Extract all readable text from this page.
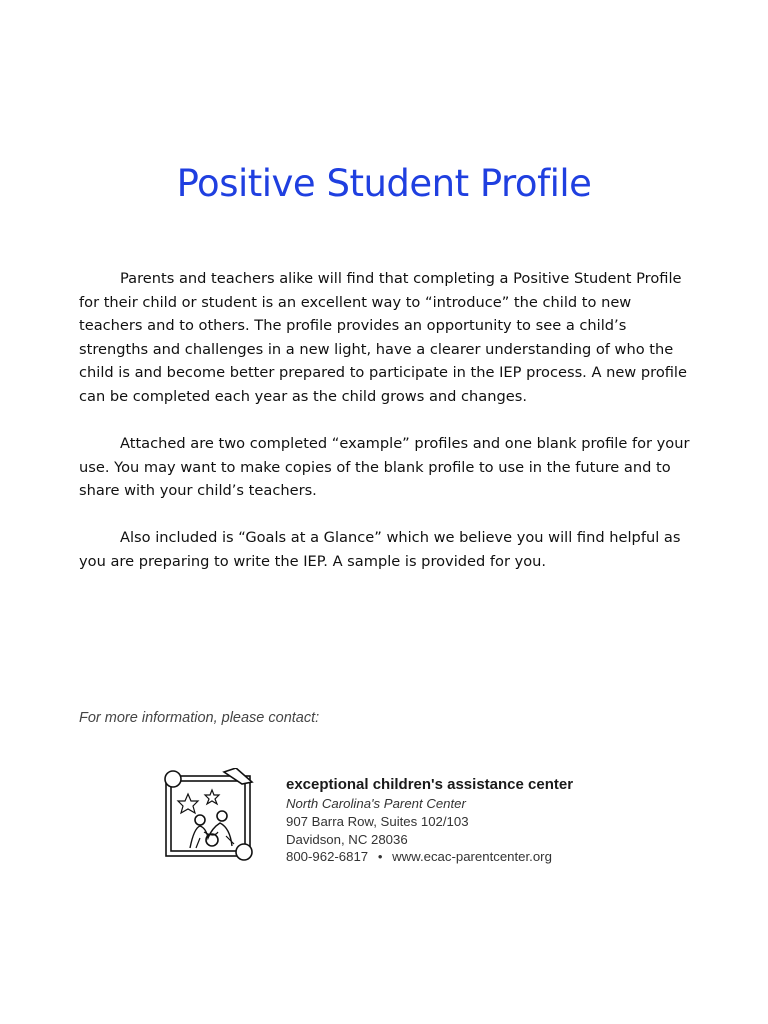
Positive Student Profile

Parents and teachers alike will find that completing a Positive Student Profile for their child or student is an excellent way to “introduce” the child to new teachers and to others. The profile provides an opportunity to see a child’s strengths and challenges in a new light, have a clearer understanding of who the child is and become better prepared to participate in the IEP process. A new profile can be completed each year as the child grows and changes.

Attached are two completed “example” profiles and one blank profile for your use. You may want to make copies of the blank profile to use in the future and to share with your child’s teachers.

Also included is “Goals at a Glance” which we believe you will find helpful as you are preparing to write the IEP. A sample is provided for you.

For more information, please contact:
exceptional children's assistance center
North Carolina's Parent Center
907 Barra Row, Suites 102/103
Davidson, NC 28036
800-962-6817 • www.ecac-parentcenter.org
